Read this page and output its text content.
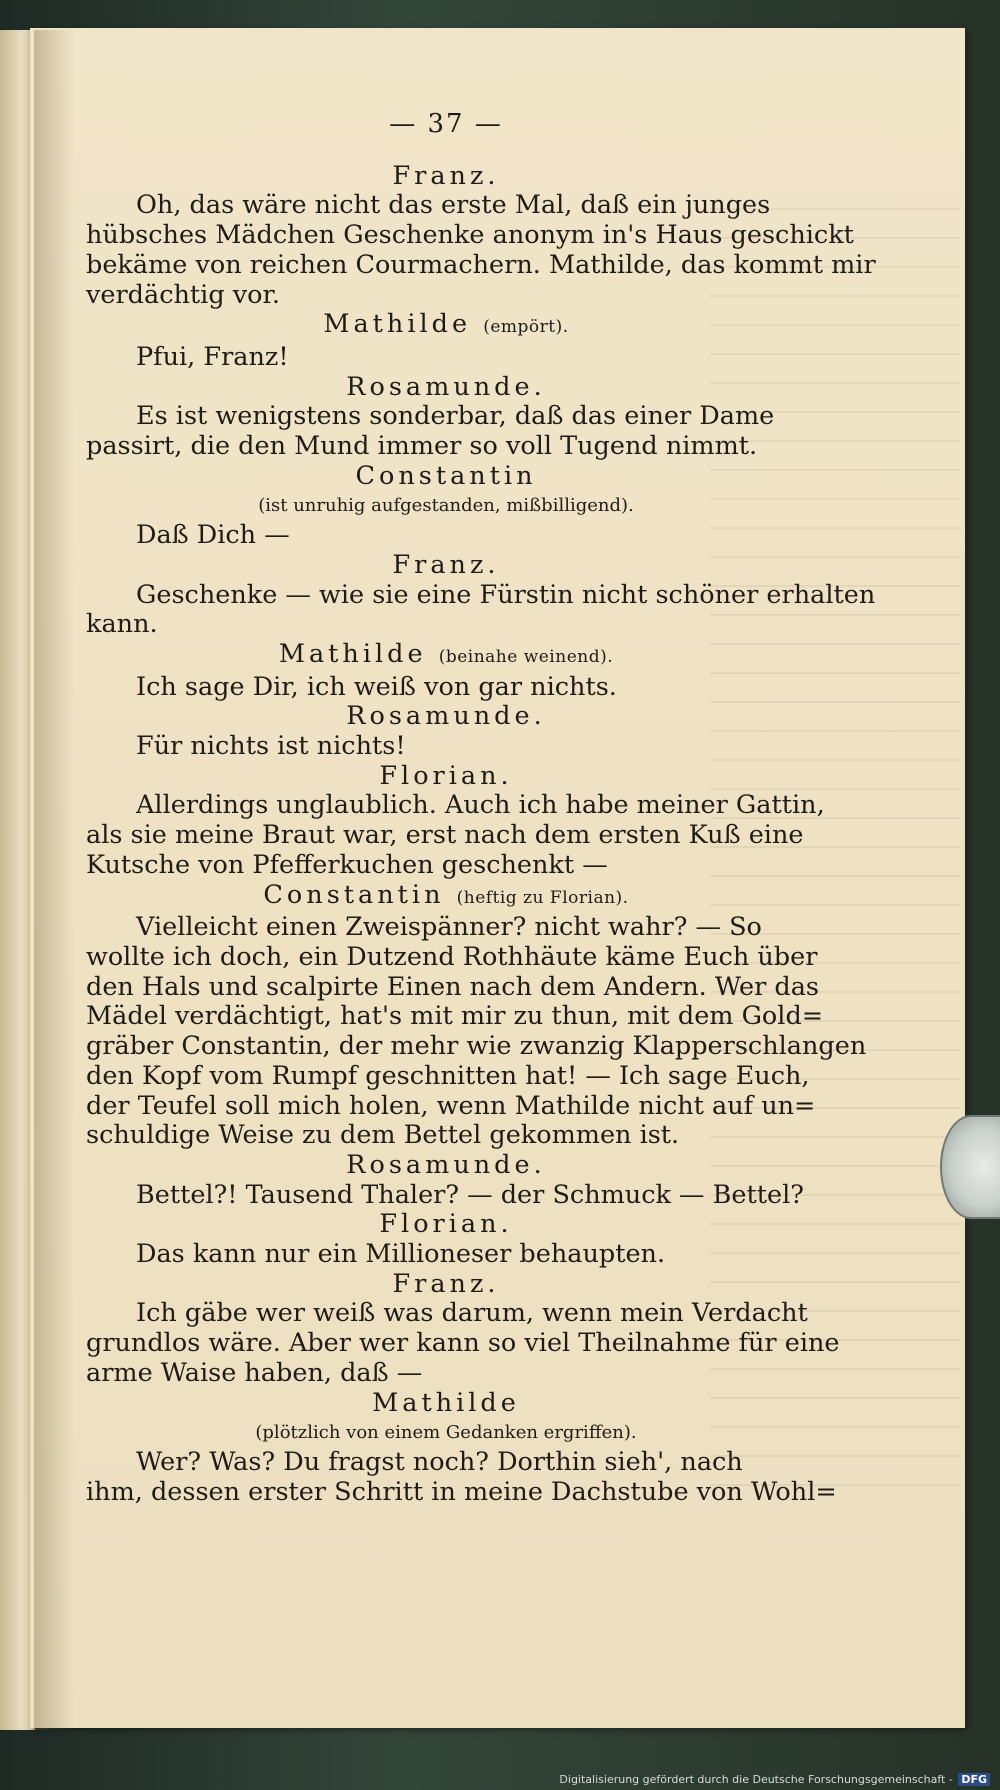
— 37 —
Franz.
Oh, das wäre nicht das erste Mal, daß ein junges
hübsches Mädchen Geschenke anonym in's Haus geschickt
bekäme von reichen Courmachern. Mathilde, das kommt mir
verdächtig vor.
Mathilde (empört).
Pfui, Franz!
Rosamunde.
Es ist wenigstens sonderbar, daß das einer Dame
passirt, die den Mund immer so voll Tugend nimmt.
Constantin
(ist unruhig aufgestanden, mißbilligend).
Daß Dich —
Franz.
Geschenke — wie sie eine Fürstin nicht schöner erhalten
kann.
Mathilde (beinahe weinend).
Ich sage Dir, ich weiß von gar nichts.
Rosamunde.
Für nichts ist nichts!
Florian.
Allerdings unglaublich. Auch ich habe meiner Gattin,
als sie meine Braut war, erst nach dem ersten Kuß eine
Kutsche von Pfefferkuchen geschenkt —
Constantin (heftig zu Florian).
Vielleicht einen Zweispänner? nicht wahr? — So
wollte ich doch, ein Dutzend Rothhäute käme Euch über
den Hals und scalpirte Einen nach dem Andern. Wer das
Mädel verdächtigt, hat's mit mir zu thun, mit dem Gold=
gräber Constantin, der mehr wie zwanzig Klapperschlangen
den Kopf vom Rumpf geschnitten hat! — Ich sage Euch,
der Teufel soll mich holen, wenn Mathilde nicht auf un=
schuldige Weise zu dem Bettel gekommen ist.
Rosamunde.
Bettel?! Tausend Thaler? — der Schmuck — Bettel?
Florian.
Das kann nur ein Millioneser behaupten.
Franz.
Ich gäbe wer weiß was darum, wenn mein Verdacht
grundlos wäre. Aber wer kann so viel Theilnahme für eine
arme Waise haben, daß —
Mathilde
(plötzlich von einem Gedanken ergriffen).
Wer? Was? Du fragst noch? Dorthin sieh', nach
ihm, dessen erster Schritt in meine Dachstube von Wohl=
Digitalisierung gefördert durch die Deutsche Forschungsgemeinschaft - DFG
